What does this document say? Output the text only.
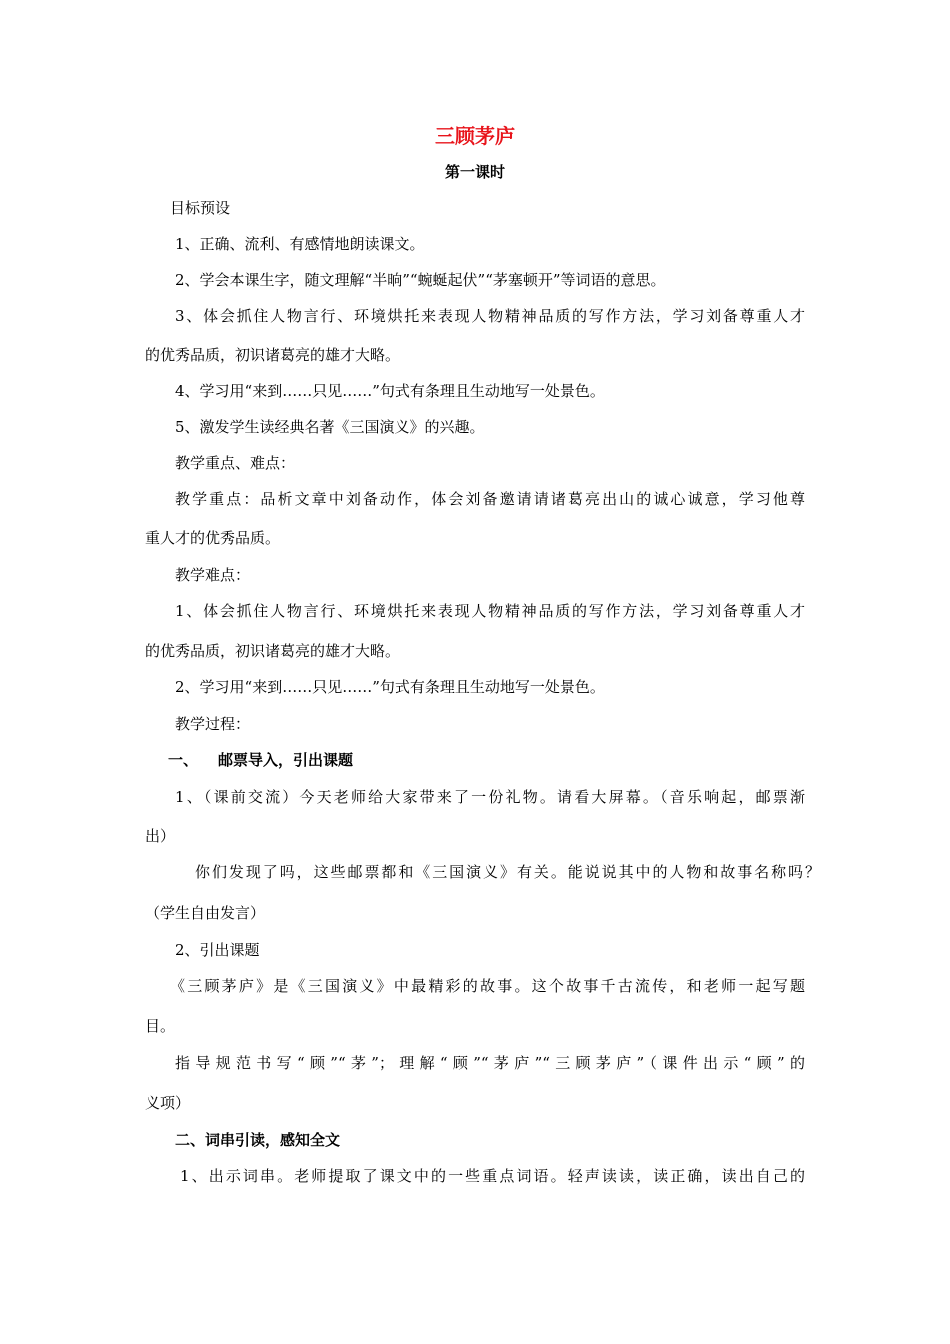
三顾茅庐
第一课时
目标预设
1、正确、流利、有感情地朗读课文。
2、学会本课生字，随文理解“半晌”“蜿蜒起伏”“茅塞顿开”等词语的意思。
3、体会抓住人物言行、环境烘托来表现人物精神品质的写作方法，学习刘备尊重人才
的优秀品质，初识诸葛亮的雄才大略。
4、学习用“来到……只见……”句式有条理且生动地写一处景色。
5、激发学生读经典名著《三国演义》的兴趣。
教学重点、难点：
教学重点：品析文章中刘备动作，体会刘备邀请请诸葛亮出山的诚心诚意，学习他尊
重人才的优秀品质。
教学难点：
1、体会抓住人物言行、环境烘托来表现人物精神品质的写作方法，学习刘备尊重人才
的优秀品质，初识诸葛亮的雄才大略。
2、学习用“来到……只见……”句式有条理且生动地写一处景色。
教学过程：
一、 邮票导入，引出课题
1、（课前交流）今天老师给大家带来了一份礼物。请看大屏幕。（音乐响起，邮票渐
出）
你们发现了吗，这些邮票都和《三国演义》有关。能说说其中的人物和故事名称吗？
（学生自由发言）
2、引出课题
《三顾茅庐》是《三国演义》中最精彩的故事。这个故事千古流传，和老师一起写题
目。
指导规范书写“顾”“茅”；理解“顾”“茅庐”“三顾茅庐”（课件出示“顾”的
义项）
二、词串引读，感知全文
1、出示词串。老师提取了课文中的一些重点词语。轻声读读，读正确，读出自己的
